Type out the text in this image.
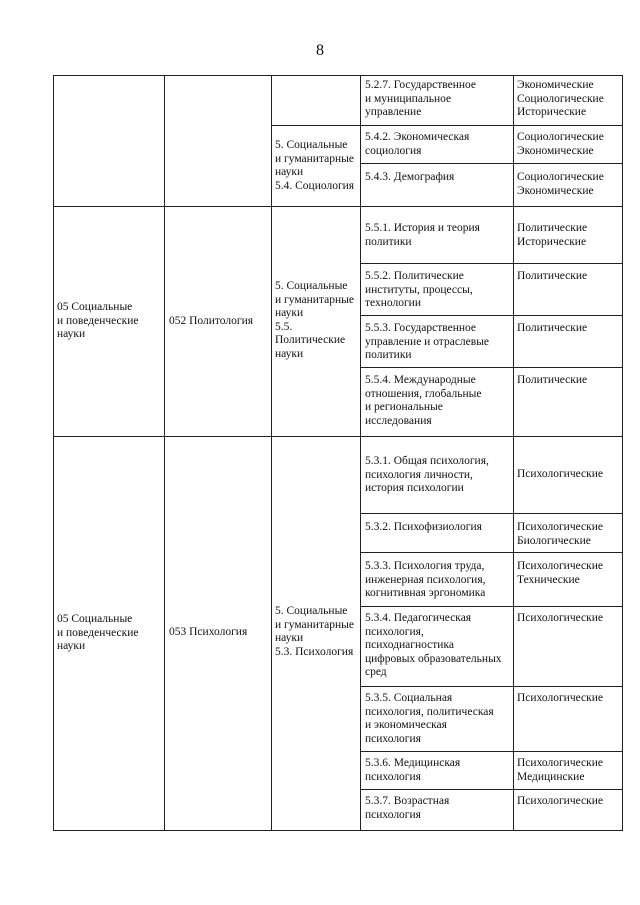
8
5.2.7. Государственное
и муниципальное
управление
Экономические
Социологические
Исторические
5. Социальные
и гуманитарные
науки
5.4. Социология
5.4.2. Экономическая
социология
Социологические
Экономические
5.4.3. Демография	Социологические
Экономические
05 Социальные
и поведенческие
науки
052 Политология
5. Социальные
и гуманитарные
науки
5.5.
Политические
науки
5.5.1. История и теория
политики
Политические
Исторические
5.5.2. Политические
институты, процессы,
технологии
Политические
5.5.3. Государственное
управление и отраслевые
политики
Политические
5.5.4. Международные
отношения, глобальные
и региональные
исследования
Политические
05 Социальные
и поведенческие
науки
053 Психология
5. Социальные
и гуманитарные
науки
5.3. Психология
5.3.1. Общая психология,
психология личности,
история психологии
Психологические
5.3.2. Психофизиология	Психологические
Биологические
5.3.3. Психология труда,
инженерная психология,
когнитивная эргономика
Психологические
Технические
5.3.4. Педагогическая
психология,
психодиагностика
цифровых образовательных
сред
Психологические
5.3.5. Социальная
психология, политическая
и экономическая
психология
Психологические
5.3.6. Медицинская
психология
Психологические
Медицинские
5.3.7. Возрастная
психология
Психологические
